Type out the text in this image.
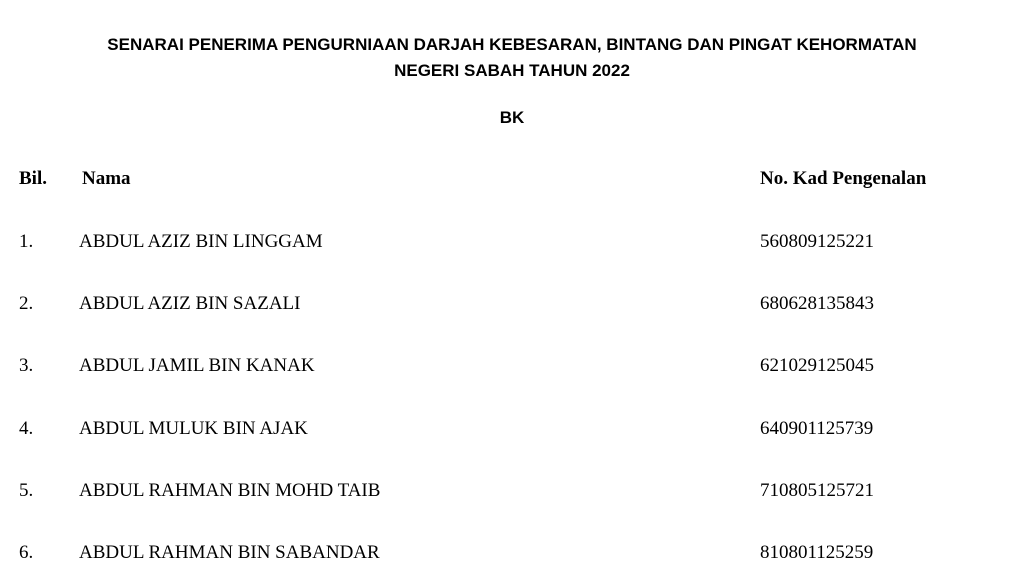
SENARAI PENERIMA PENGURNIAAN DARJAH KEBESARAN, BINTANG DAN PINGAT KEHORMATAN
NEGERI SABAH TAHUN 2022
BK
Bil. Nama	No. Kad Pengenalan
1. ABDUL AZIZ BIN LINGGAM	560809125221
2. ABDUL AZIZ BIN SAZALI	680628135843
3. ABDUL JAMIL BIN KANAK	621029125045
4. ABDUL MULUK BIN AJAK	640901125739
5. ABDUL RAHMAN BIN MOHD TAIB	710805125721
6. ABDUL RAHMAN BIN SABANDAR	810801125259
